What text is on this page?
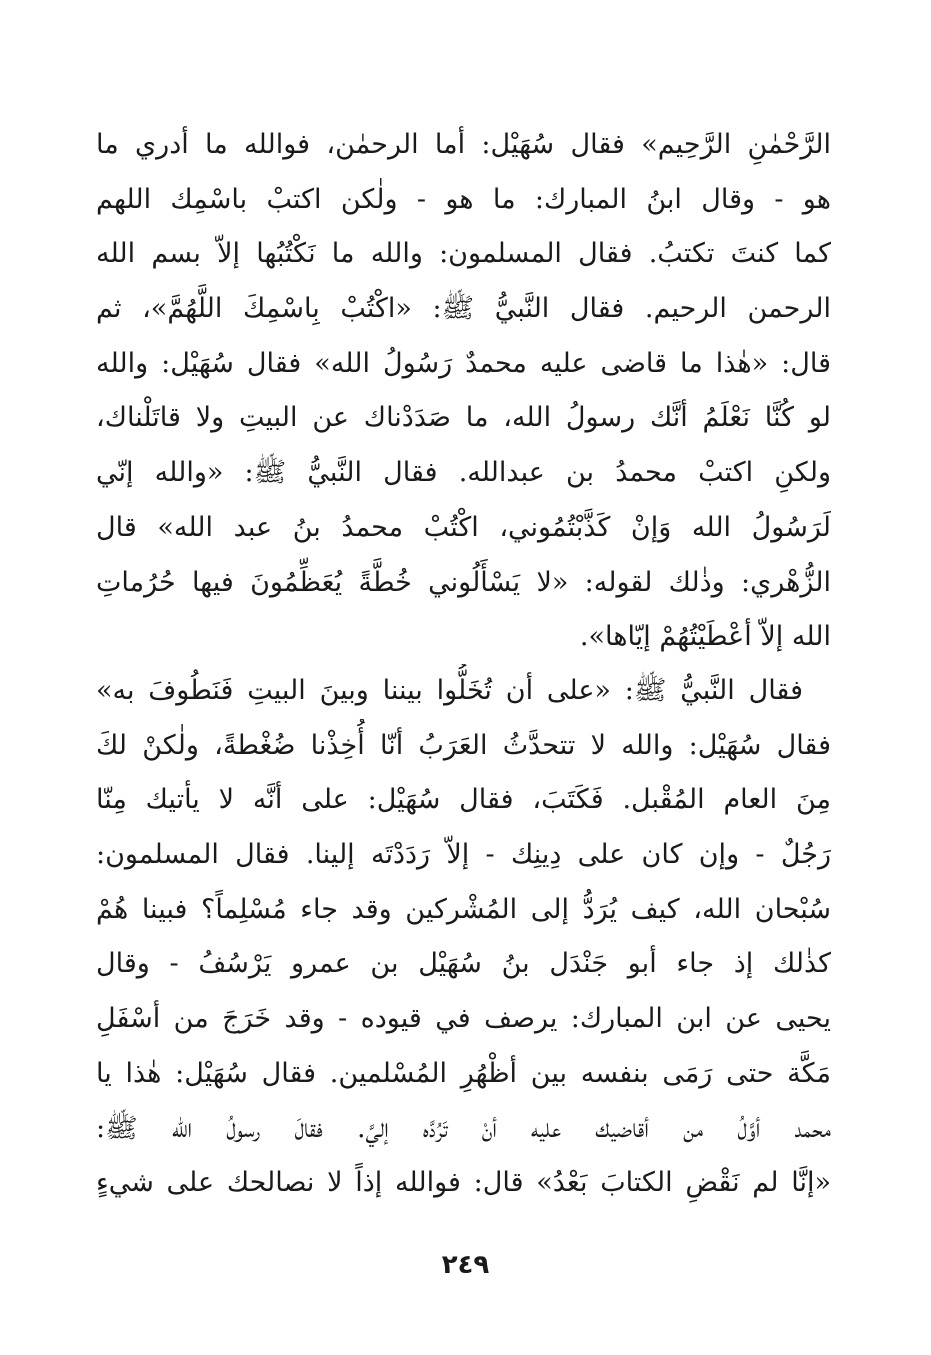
الرَّحْمٰنِ الرَّحِيم» فقال سُهَيْل: أما الرحمٰن، فوالله ما أدري ما
هو - وقال ابنُ المبارك: ما هو - ولٰكن اكتبْ باسْمِك اللهم
كما كنتَ تكتبُ. فقال المسلمون: والله ما نَكْتُبُها إلاّ بسم الله
الرحمن الرحيم. فقال النَّبيُّ ﷺ: «اكْتُبْ بِاسْمِكَ اللَّهُمَّ»، ثم
قال: «هٰذا ما قاضى عليه محمدٌ رَسُولُ الله» فقال سُهَيْل: والله
لو كُنَّا نَعْلَمُ أنَّك رسولُ الله، ما صَدَدْناك عن البيتِ ولا قاتَلْناك،
ولكنِ اكتبْ محمدُ بن عبدالله. فقال النَّبيُّ ﷺ: «والله إنّي
لَرَسُولُ الله وَإنْ كَذَّبْتُمُوني، اكْتُبْ محمدُ بنُ عبد الله» قال
الزُّهْري: وذٰلك لقوله: «لا يَسْأَلُوني خُطَّةً يُعَظِّمُونَ فيها حُرُماتِ
الله إلاّ أعْطَيْتُهُمْ إيّاها».
فقال النَّبيُّ ﷺ: «على أن تُخَلُّوا بيننا وبينَ البيتِ فَنَطُوفَ به»
فقال سُهَيْل: والله لا تتحدَّثُ العَرَبُ أنّا أُخِذْنا ضُغْطةً، ولٰكنْ لكَ
مِنَ العام المُقْبل. فَكَتَبَ، فقال سُهَيْل: على أنَّه لا يأتيك مِنّا
رَجُلٌ - وإن كان على دِينِك - إلاّ رَدَدْتَه إلينا. فقال المسلمون:
سُبْحان الله، كيف يُرَدُّ إلى المُشْركين وقد جاء مُسْلِماً؟ فبينا هُمْ
كذٰلك إذ جاء أبو جَنْدَل بنُ سُهَيْل بن عمرو يَرْسُفُ - وقال
يحيى عن ابن المبارك: يرصف في قيوده - وقد خَرَجَ من أسْفَلِ
مَكَّة حتى رَمَى بنفسه بين أظْهُرِ المُسْلمين. فقال سُهَيْل: هٰذا يا
محمد أوَّلُ من أقاضيك عليه أنْ تَرُدَّه إليَّ. فقالَ رسولُ الله ﷺ:
«إنَّا لم نَقْضِ الكتابَ بَعْدُ» قال: فوالله إذاً لا نصالحك على شيءٍ
٢٤٩
